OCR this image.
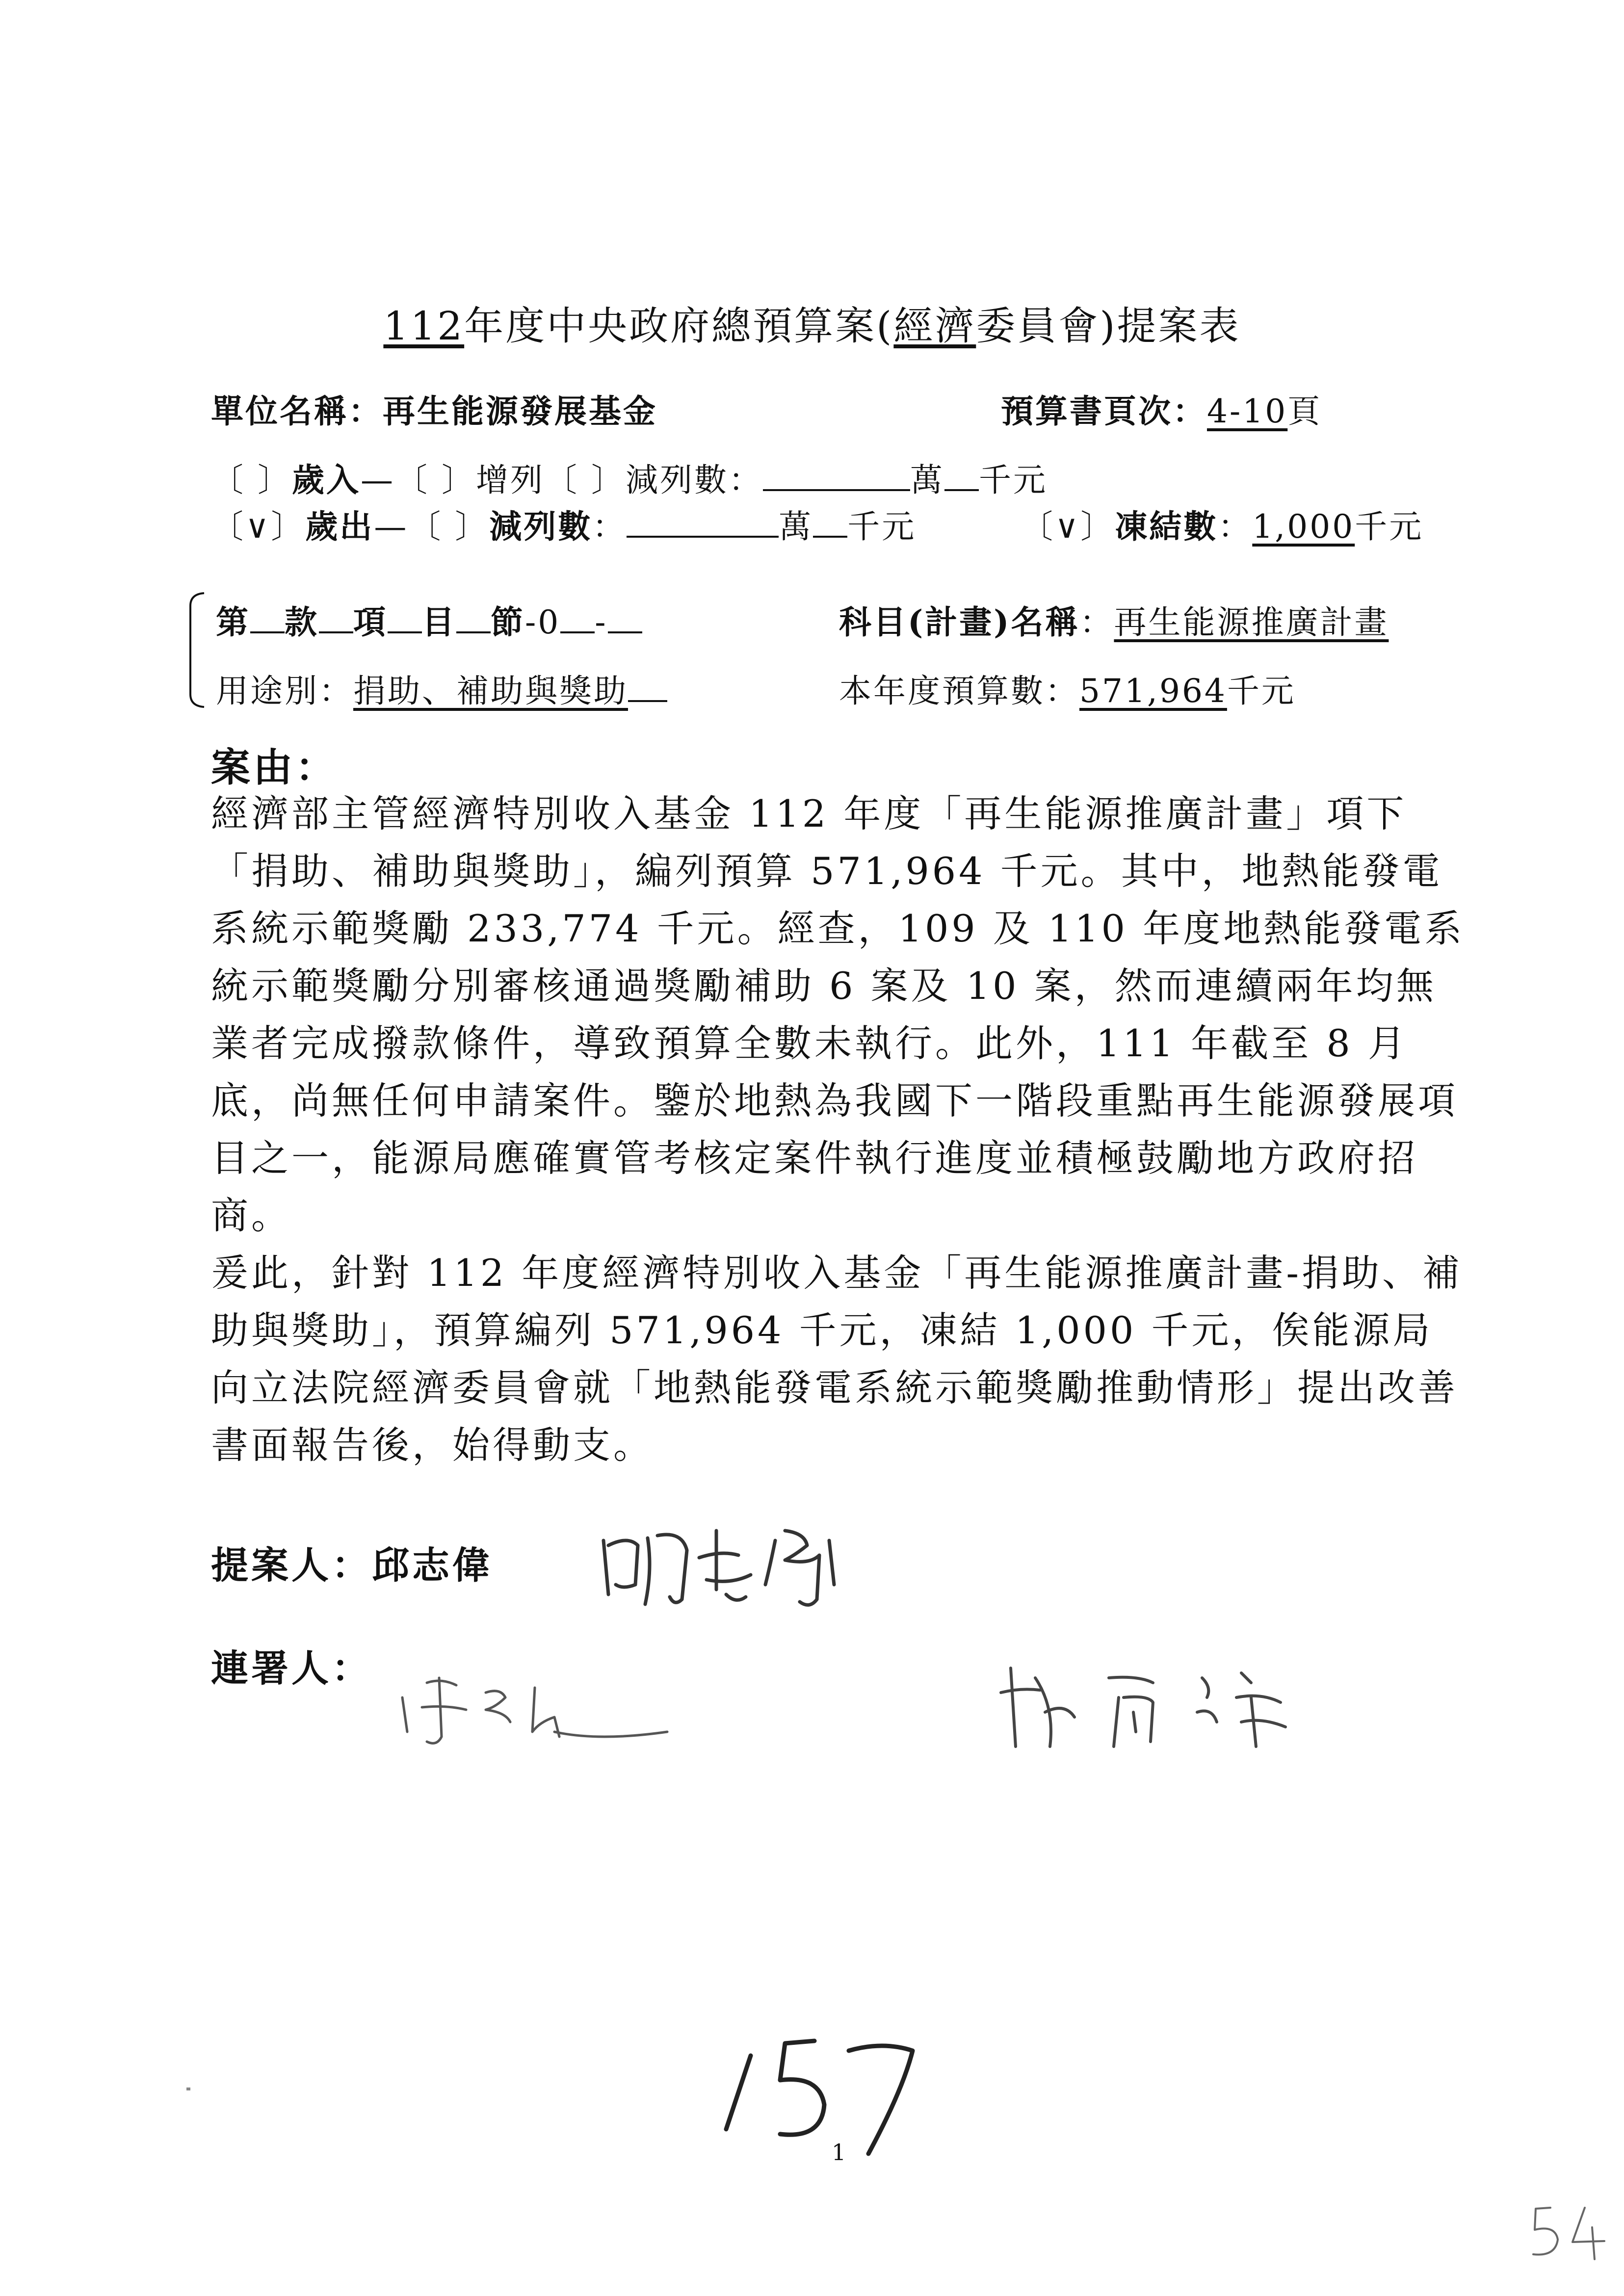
112年度中央政府總預算案(經濟委員會)提案表
單位名稱：再生能源發展基金	預算書頁次：4-10頁
〔 〕歲入—〔 〕增列〔 〕減列數：	萬 千元
〔∨〕歲出—〔 〕減列數：	萬 千元	〔∨〕凍結數：1,000千元
第 款 項 目 節-0 -	科目(計畫)名稱：再生能源推廣計畫
用途別：捐助、補助與獎助	本年度預算數：571,964千元
案由：

經濟部主管經濟特別收入基金 112 年度「再生能源推廣計畫」項下「捐助、補助與獎助」，編列預算 571,964 千元。其中，地熱能發電系統示範獎勵 233,774 千元。經查，109 及 110 年度地熱能發電系統示範獎勵分別審核通過獎勵補助 6 案及 10 案，然而連續兩年均無業者完成撥款條件，導致預算全數未執行。此外，111 年截至 8 月底，尚無任何申請案件。鑒於地熱為我國下一階段重點再生能源發展項目之一，能源局應確實管考核定案件執行進度並積極鼓勵地方政府招商。

爰此，針對 112 年度經濟特別收入基金「再生能源推廣計畫-捐助、補助與獎助」，預算編列 571,964 千元，凍結 1,000 千元，俟能源局向立法院經濟委員會就「地熱能發電系統示範獎勵推動情形」提出改善書面報告後，始得動支。

提案人：邱志偉
連署人：
1
